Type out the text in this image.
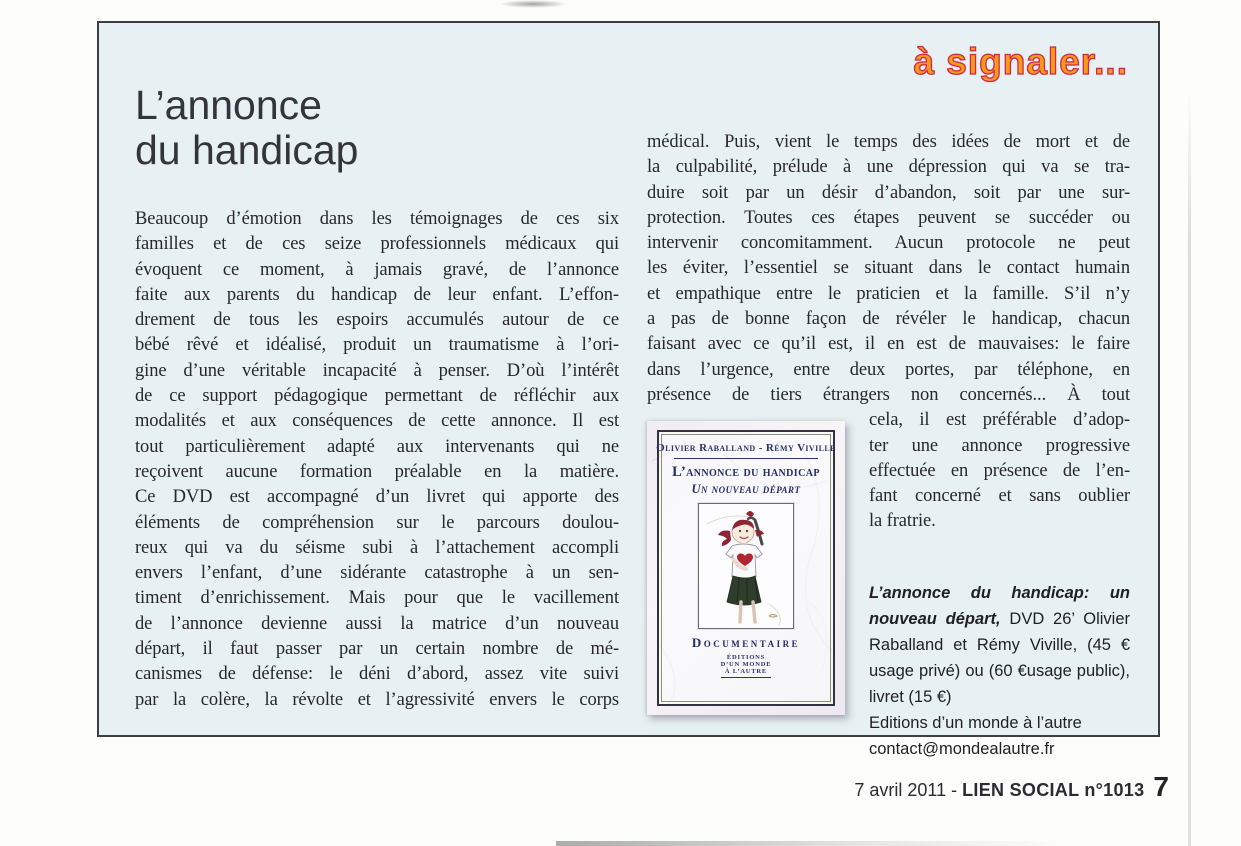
à signaler...
L’annonce
du handicap
Beaucoup d’émotion dans les témoignages de ces six
familles et de ces seize professionnels médicaux qui
évoquent ce moment, à jamais gravé, de l’annonce
faite aux parents du handicap de leur enfant. L’effon-
drement de tous les espoirs accumulés autour de ce
bébé rêvé et idéalisé, produit un traumatisme à l’ori-
gine d’une véritable incapacité à penser. D’où l’intérêt
de ce support pédagogique permettant de réfléchir aux
modalités et aux conséquences de cette annonce. Il est
tout particulièrement adapté aux intervenants qui ne
reçoivent aucune formation préalable en la matière.
Ce DVD est accompagné d’un livret qui apporte des
éléments de compréhension sur le parcours doulou-
reux qui va du séisme subi à l’attachement accompli
envers l’enfant, d’une sidérante catastrophe à un sen-
timent d’enrichissement. Mais pour que le vacillement
de l’annonce devienne aussi la matrice d’un nouveau
départ, il faut passer par un certain nombre de mé-
canismes de défense: le déni d’abord, assez vite suivi
par la colère, la révolte et l’agressivité envers le corps
médical. Puis, vient le temps des idées de mort et de
la culpabilité, prélude à une dépression qui va se tra-
duire soit par un désir d’abandon, soit par une sur-
protection. Toutes ces étapes peuvent se succéder ou
intervenir concomitamment. Aucun protocole ne peut
les éviter, l’essentiel se situant dans le contact humain
et empathique entre le praticien et la famille. S’il n’y
a pas de bonne façon de révéler le handicap, chacun
faisant avec ce qu’il est, il en est de mauvaises: le faire
dans l’urgence, entre deux portes, par téléphone, en
présence de tiers étrangers non concernés... À tout
Olivier Raballand - Rémy Viville
L’annonce du handicap
Un nouveau départ
Documentaire
ÉDITIONS
D’UN MONDE
À L’AUTRE
cela, il est préférable d’adop-
ter une annonce progressive
effectuée en présence de l’en-
fant concerné et sans oublier
la fratrie.

L’annonce du handicap: un nouveau départ, DVD 26’ Olivier Raballand et Rémy Viville, (45 € usage privé) ou (60 €usage public), livret (15 €)

Editions d’un monde à l’autre
contact@mondealautre.fr
7 avril 2011 - LIEN SOCIAL n°1013 7
